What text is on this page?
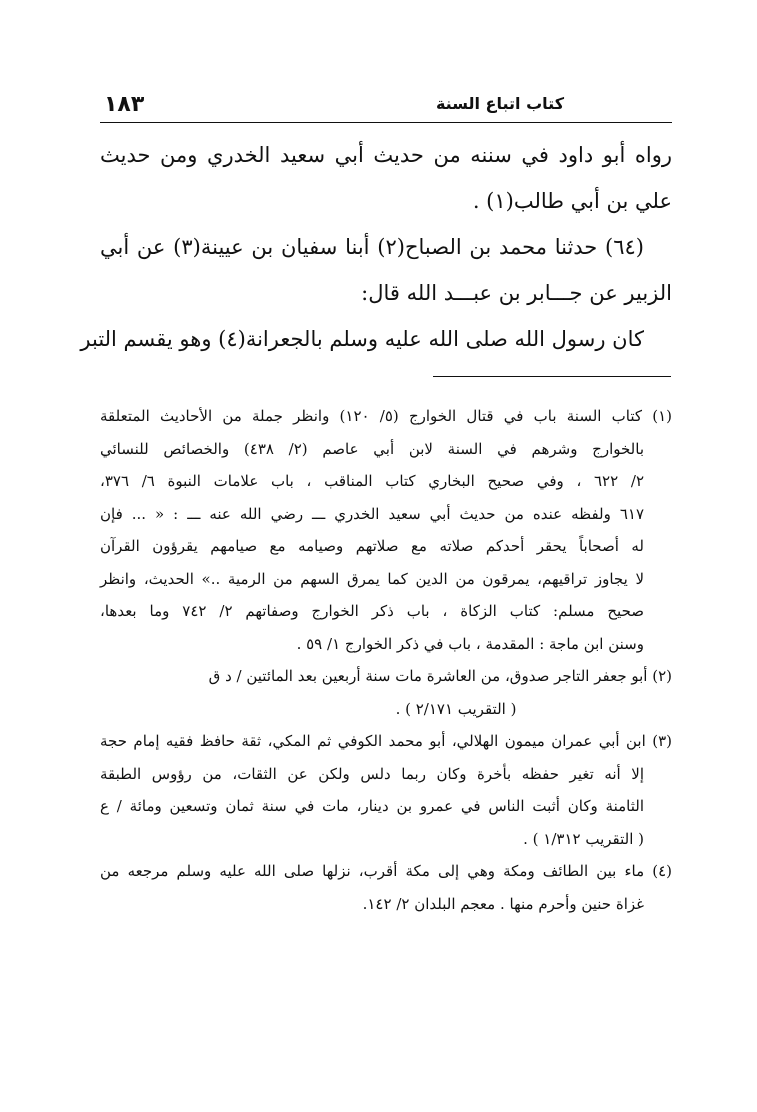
١٨٣	كتاب اتباع السنة
رواه أبو داود في سننه من حديث أبي سعيد الخدري ومن حديث
علي بن أبي طالب(١) .
(٦٤) حدثنا محمد بن الصباح(٢) أبنا سفيان بن عيينة(٣) عن أبي
الزبير عن جـــابر بن عبـــد الله قال:
كان رسول الله صلى الله عليه وسلم بالجعرانة(٤) وهو يقسم التبر
(١) كتاب السنة باب في قتال الخوارج (٥/ ١٢٠) وانظر جملة من الأحاديث المتعلقة
بالخوارج وشرهم في السنة لابن أبي عاصم (٢/ ٤٣٨) والخصائص للنسائي
٢/ ٦٢٢ ، وفي صحيح البخاري كتاب المناقب ، باب علامات النبوة ٦/ ٣٧٦،
٦١٧ ولفظه عنده من حديث أبي سعيد الخدري ـــ رضي الله عنه ـــ : « ... فإن
له أصحاباً يحقر أحدكم صلاته مع صلاتهم وصيامه مع صيامهم يقرؤون القرآن
لا يجاوز تراقيهم، يمرقون من الدين كما يمرق السهم من الرمية ..» الحديث، وانظر
صحيح مسلم: كتاب الزكاة ، باب ذكر الخوارج وصفاتهم ٢/ ٧٤٢ وما بعدها،
وسنن ابن ماجة : المقدمة ، باب في ذكر الخوارج ١/ ٥٩ .
(٢) أبو جعفر التاجر صدوق، من العاشرة مات سنة أربعين بعد المائتين / د ق
( التقريب ٢/١٧١ ) .
(٣) ابن أبي عمران ميمون الهلالي، أبو محمد الكوفي ثم المكي، ثقة حافظ فقيه إمام حجة
إلا أنه تغير حفظه بأخرة وكان ربما دلس ولكن عن الثقات، من رؤوس الطبقة
الثامنة وكان أثبت الناس في عمرو بن دينار، مات في سنة ثمان وتسعين ومائة / ع
( التقريب ١/٣١٢ ) .
(٤) ماء بين الطائف ومكة وهي إلى مكة أقرب، نزلها صلى الله عليه وسلم مرجعه من
غزاة حنين وأحرم منها . معجم البلدان ٢/ ١٤٢.
